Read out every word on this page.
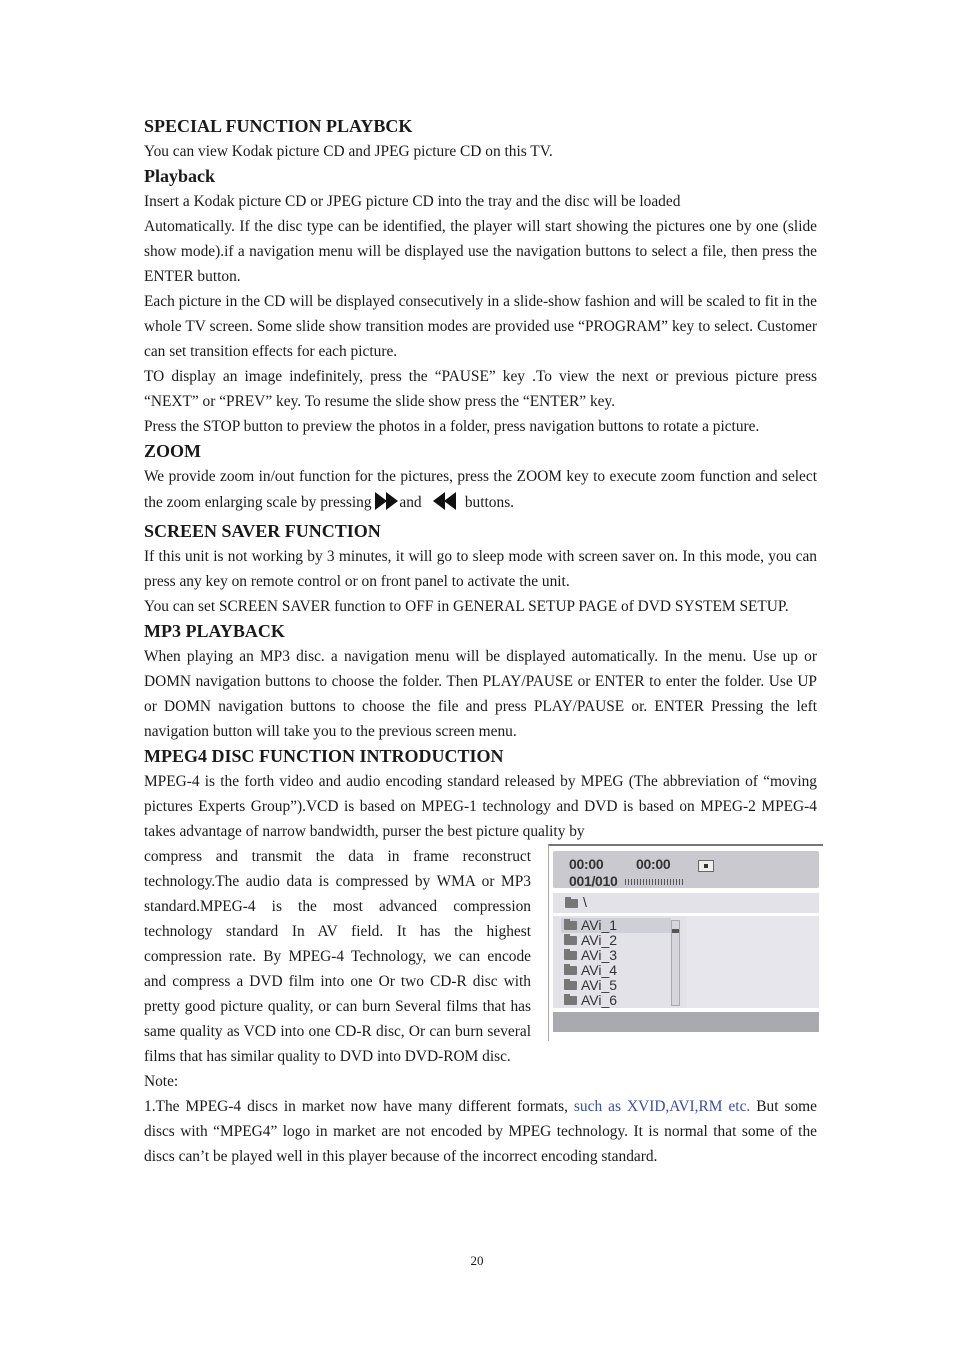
SPECIAL FUNCTION PLAYBCK

You can view Kodak picture CD and JPEG picture CD on this TV.

Playback

Insert a Kodak picture CD or JPEG picture CD into the tray and the disc will be loaded

Automatically. If the disc type can be identified, the player will start showing the pictures one by one (slide show mode).if a navigation menu will be displayed use the navigation buttons to select a file, then press the ENTER button.

Each picture in the CD will be displayed consecutively in a slide-show fashion and will be scaled to fit in the whole TV screen. Some slide show transition modes are provided use “PROGRAM” key to select. Customer can set transition effects for each picture.

TO display an image indefinitely, press the “PAUSE” key .To view the next or previous picture press “NEXT” or “PREV” key. To resume the slide show press the “ENTER” key.

Press the STOP button to preview the photos in a folder, press navigation buttons to rotate a picture.

ZOOM

We provide zoom in/out function for the pictures, press the ZOOM key to execute zoom function and select the zoom enlarging scale by pressing and	buttons.

SCREEN SAVER FUNCTION

If this unit is not working by 3 minutes, it will go to sleep mode with screen saver on. In this mode, you can press any key on remote control or on front panel to activate the unit.

You can set SCREEN SAVER function to OFF in GENERAL SETUP PAGE of DVD SYSTEM SETUP.

MP3 PLAYBACK

When playing an MP3 disc. a navigation menu will be displayed automatically. In the menu. Use up or DOMN navigation buttons to choose the folder. Then PLAY/PAUSE or ENTER to enter the folder. Use UP or DOMN navigation buttons to choose the file and press PLAY/PAUSE or. ENTER Pressing the left navigation button will take you to the previous screen menu.

MPEG4 DISC FUNCTION INTRODUCTION

MPEG-4 is the forth video and audio encoding standard released by MPEG (The abbreviation of “moving pictures Experts Group”).VCD is based on MPEG-1 technology and DVD is based on MPEG-2 MPEG-4 takes advantage of narrow bandwidth, purser the best picture quality by

compress and transmit the data in frame reconstruct technology.The audio data is compressed by WMA or MP3 standard.MPEG-4 is the most advanced compression technology standard In AV field. It has the highest compression rate. By MPEG-4 Technology, we can encode and compress a DVD film into one Or two CD-R disc with pretty good picture quality, or can burn Several films that has same quality as VCD into one CD-R disc, Or can burn several films that has similar quality to DVD into DVD-ROM disc.

00:00 00:00
001/010
\
AVi_1
AVi_2
AVi_3
AVi_4
AVi_5
AVi_6

Note:

1.The MPEG-4 discs in market now have many different formats, such as XVID,AVI,RM etc. But some discs with “MPEG4” logo in market are not encoded by MPEG technology. It is normal that some of the discs can’t be played well in this player because of the incorrect encoding standard.

20
